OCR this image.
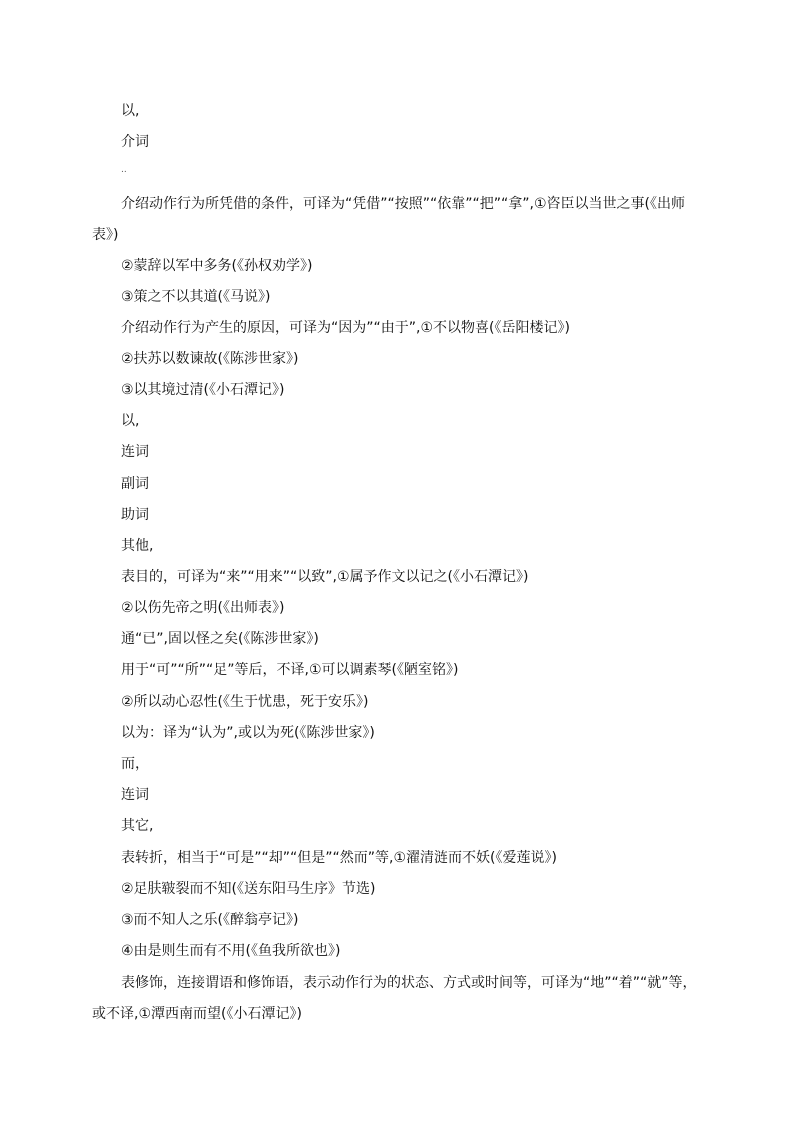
以,
介词
..
介绍动作行为所凭借的条件，可译为“凭借”“按照”“依靠”“把”“拿”,①咨臣以当世之事(《出师表》)
②蒙辞以军中多务(《孙权劝学》)
③策之不以其道(《马说》)
介绍动作行为产生的原因，可译为“因为”“由于”,①不以物喜(《岳阳楼记》)
②扶苏以数谏故(《陈涉世家》)
③以其境过清(《小石潭记》)
以,
连词
副词
助词
其他,
表目的，可译为“来”“用来”“以致”,①属予作文以记之(《小石潭记》)
②以伤先帝之明(《出师表》)
通“已”,固以怪之矣(《陈涉世家》)
用于“可”“所”“足”等后，不译,①可以调素琴(《陋室铭》)
②所以动心忍性(《生于忧患，死于安乐》)
以为：译为“认为”,或以为死(《陈涉世家》)
而，
连词
其它,
表转折，相当于“可是”“却”“但是”“然而”等,①濯清涟而不妖(《爱莲说》)
②足肤皲裂而不知(《送东阳马生序》节选)
③而不知人之乐(《醉翁亭记》)
④由是则生而有不用(《鱼我所欲也》)
表修饰，连接谓语和修饰语，表示动作行为的状态、方式或时间等，可译为“地”“着”“就”等，或不译,①潭西南而望(《小石潭记》)
